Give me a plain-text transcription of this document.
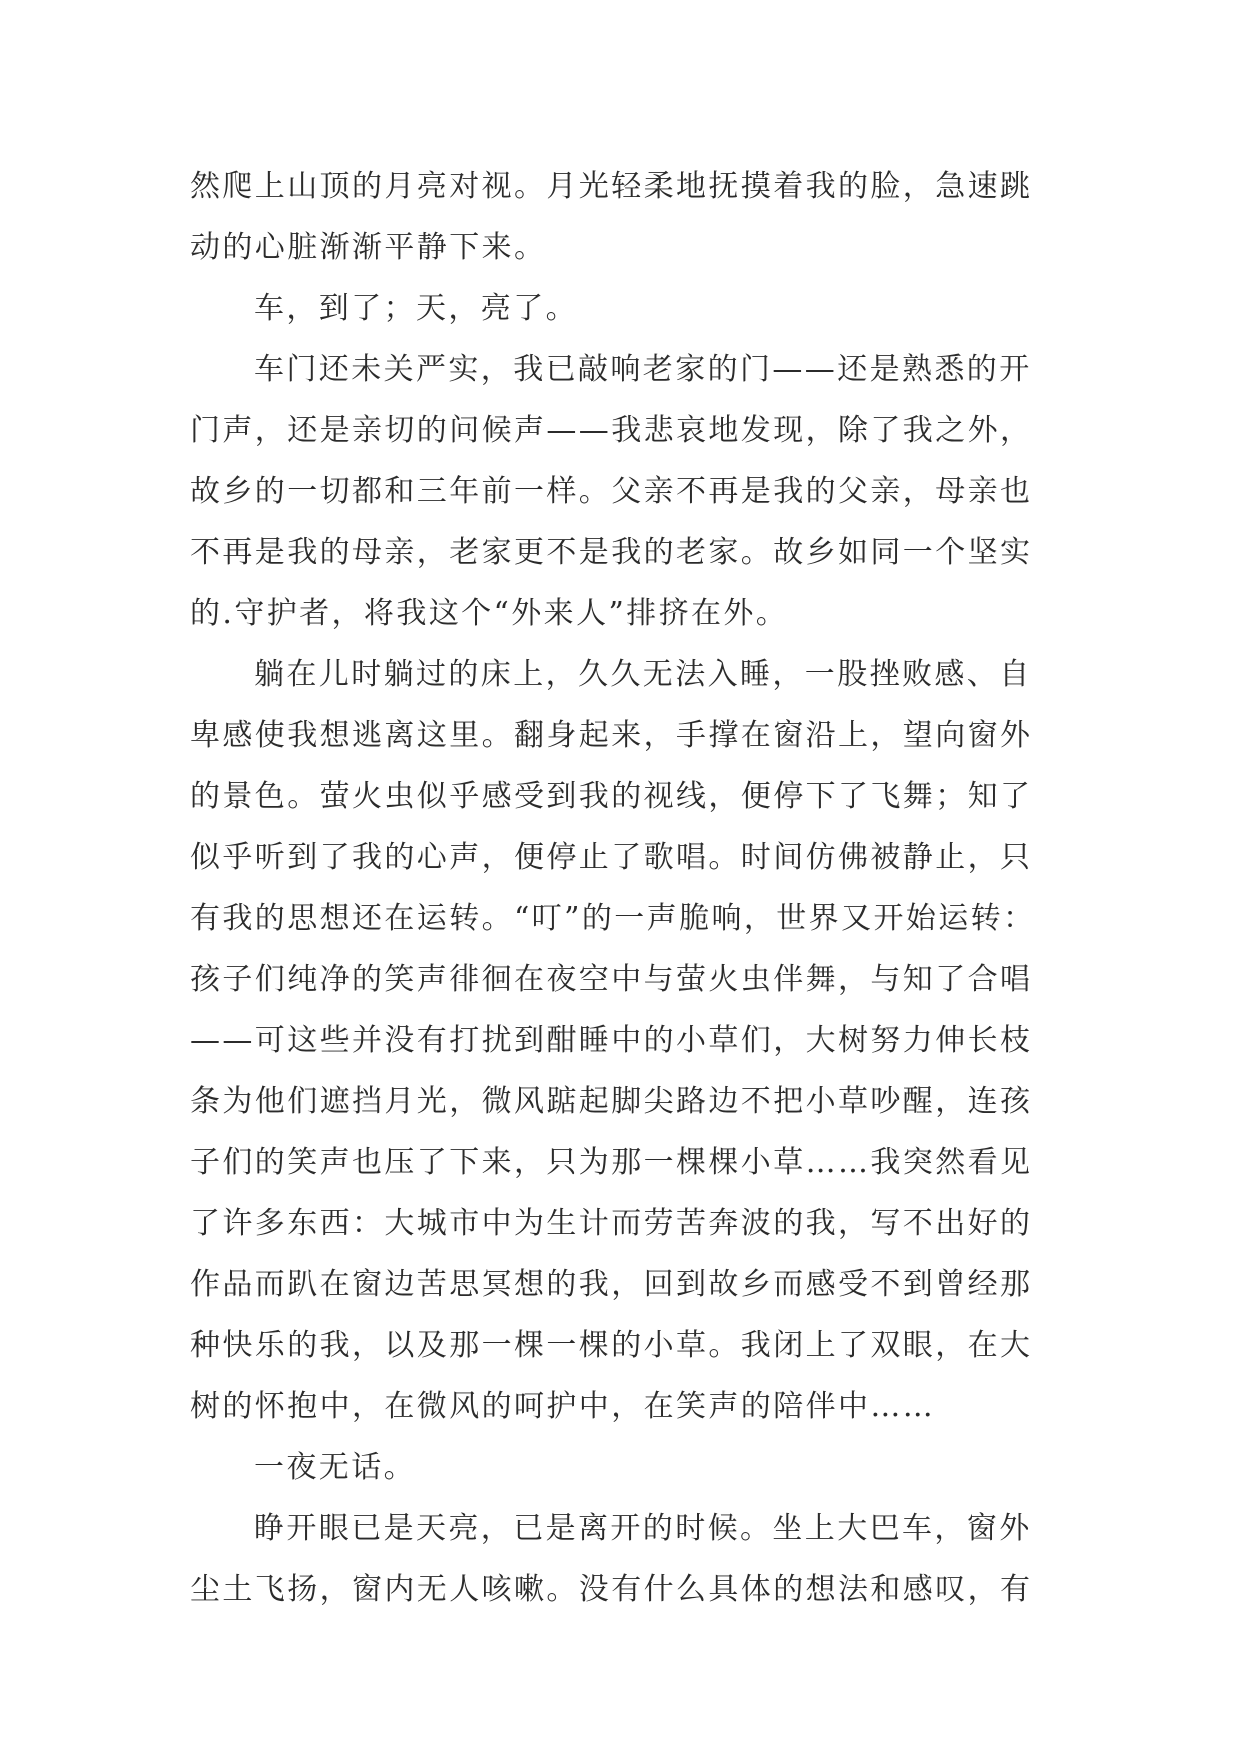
然爬上山顶的月亮对视。月光轻柔地抚摸着我的脸，急速跳
动的心脏渐渐平静下来。
车，到了；天，亮了。
车门还未关严实，我已敲响老家的门——还是熟悉的开
门声，还是亲切的问候声——我悲哀地发现，除了我之外，
故乡的一切都和三年前一样。父亲不再是我的父亲，母亲也
不再是我的母亲，老家更不是我的老家。故乡如同一个坚实
的.守护者，将我这个“外来人”排挤在外。
躺在儿时躺过的床上，久久无法入睡，一股挫败感、自
卑感使我想逃离这里。翻身起来，手撑在窗沿上，望向窗外
的景色。萤火虫似乎感受到我的视线，便停下了飞舞；知了
似乎听到了我的心声，便停止了歌唱。时间仿佛被静止，只
有我的思想还在运转。“叮”的一声脆响，世界又开始运转：
孩子们纯净的笑声徘徊在夜空中与萤火虫伴舞，与知了合唱
——可这些并没有打扰到酣睡中的小草们，大树努力伸长枝
条为他们遮挡月光，微风踮起脚尖路边不把小草吵醒，连孩
子们的笑声也压了下来，只为那一棵棵小草……我突然看见
了许多东西：大城市中为生计而劳苦奔波的我，写不出好的
作品而趴在窗边苦思冥想的我，回到故乡而感受不到曾经那
种快乐的我，以及那一棵一棵的小草。我闭上了双眼，在大
树的怀抱中，在微风的呵护中，在笑声的陪伴中……
一夜无话。
睁开眼已是天亮，已是离开的时候。坐上大巴车，窗外
尘土飞扬，窗内无人咳嗽。没有什么具体的想法和感叹，有
